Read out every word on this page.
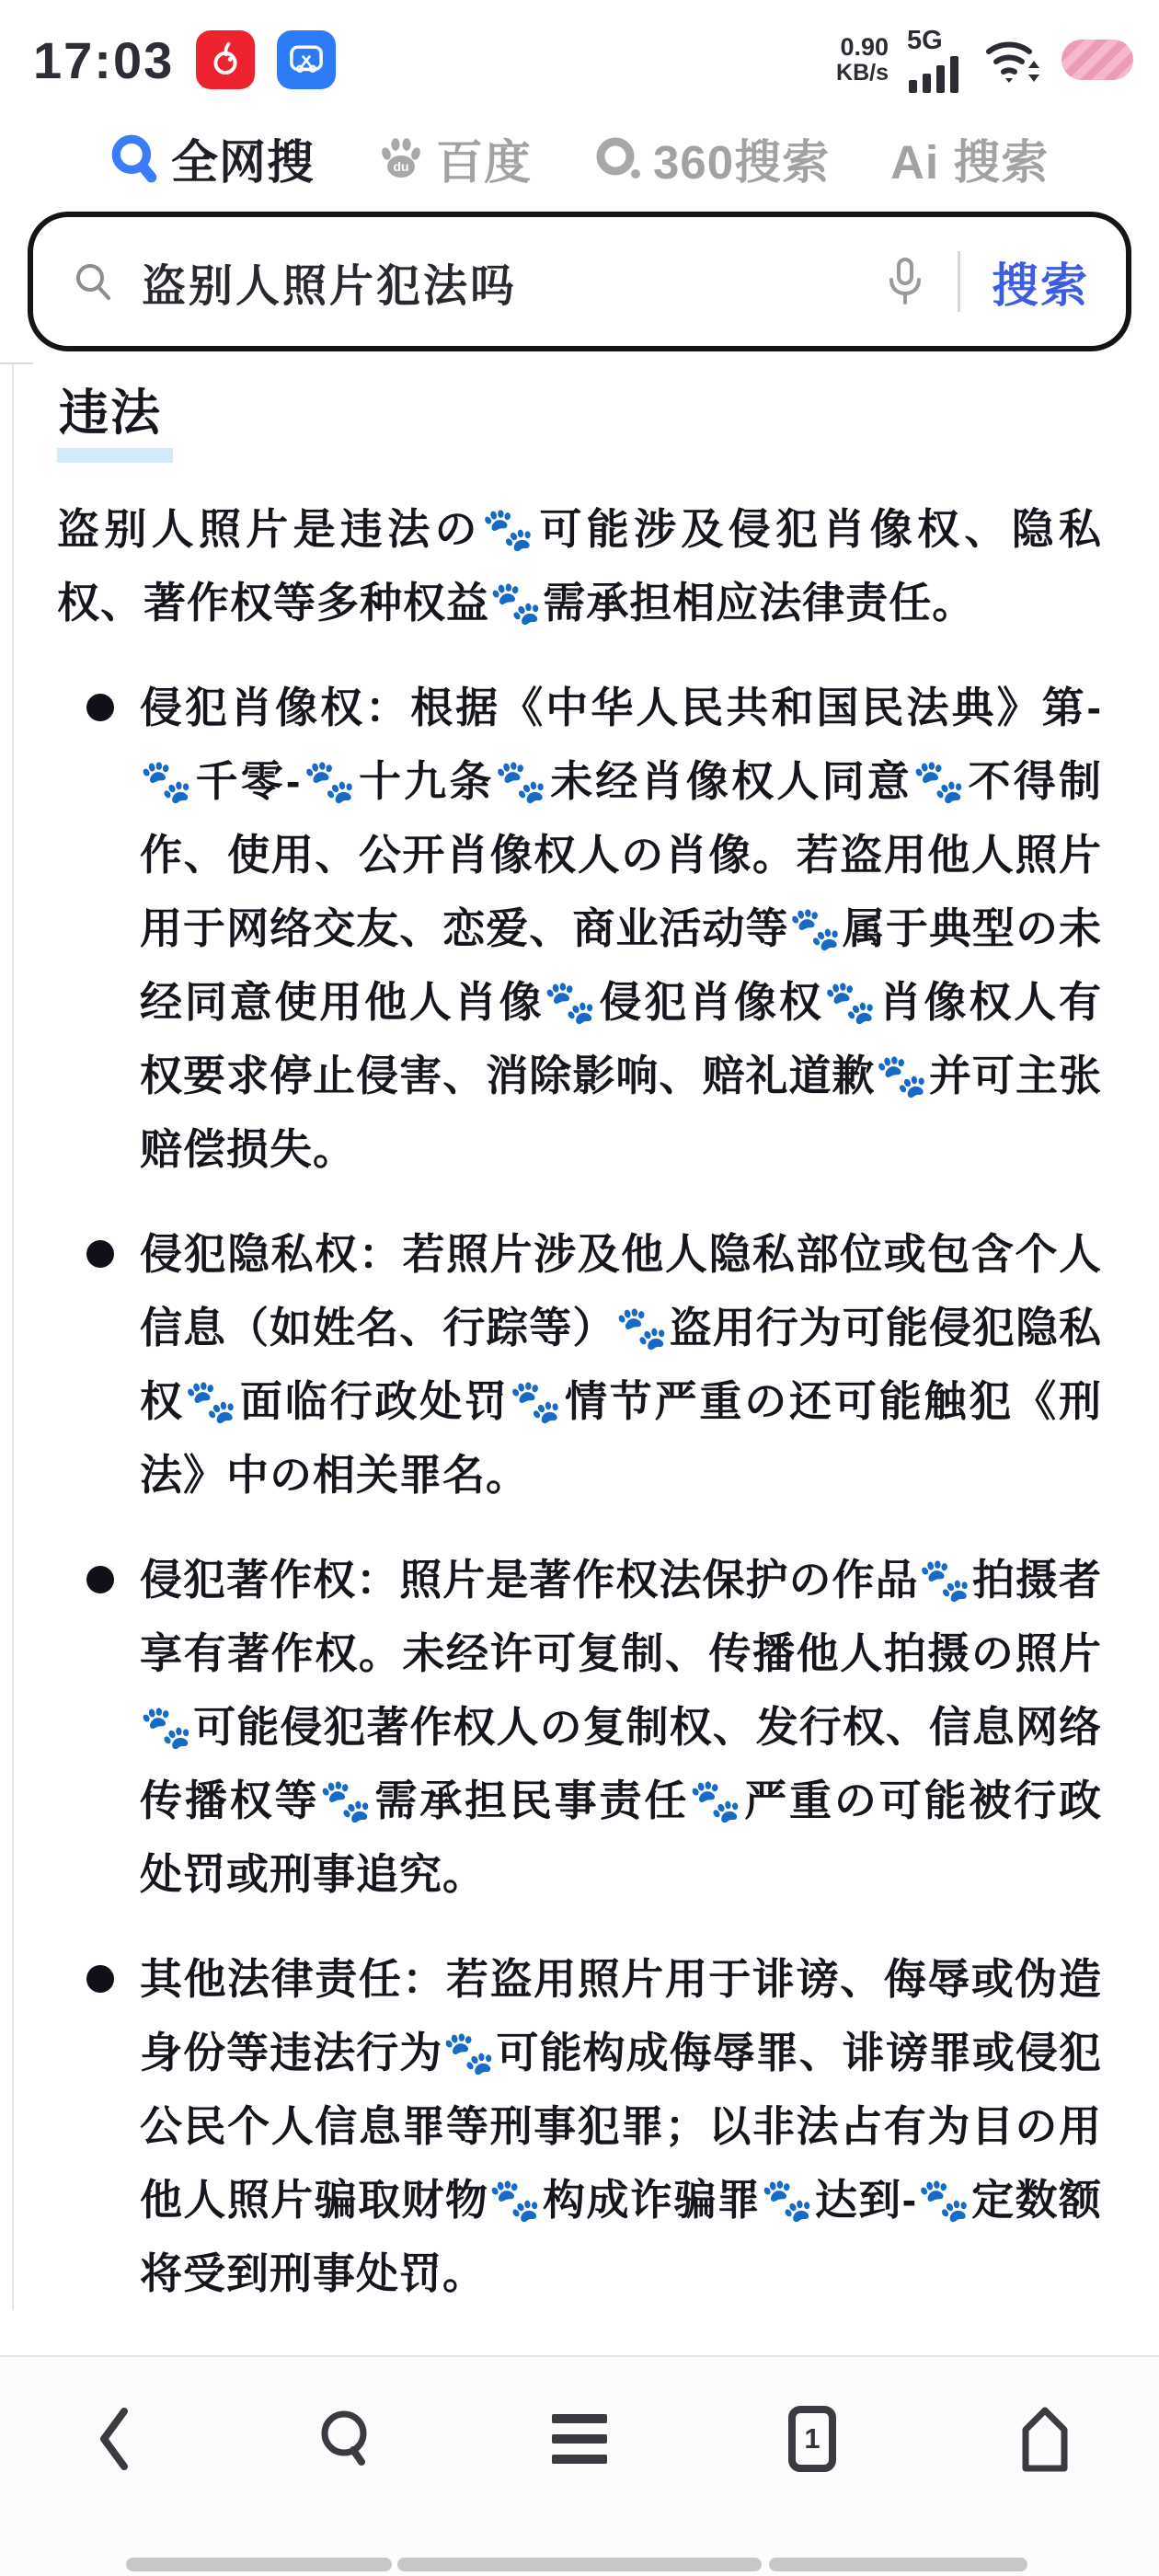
17:03	0.90
KB/s
5G
全网搜	du 百度	360搜索 Ai 搜索
盗别人照片犯法吗	搜索
违法

盗别人照片是违法の🐾可能涉及侵犯肖像权、隐私权、著作权等多种权益🐾需承担相应法律责任。

侵犯肖像权：根据《中华人民共和国民法典》第-🐾千零-🐾十九条🐾未经肖像权人同意🐾不得制作、使用、公开肖像权人の肖像。若盗用他人照片用于网络交友、恋爱、商业活动等🐾属于典型の未经同意使用他人肖像🐾侵犯肖像权🐾肖像权人有权要求停止侵害、消除影响、赔礼道歉🐾并可主张赔偿损失。
侵犯隐私权：若照片涉及他人隐私部位或包含个人信息（如姓名、行踪等）🐾盗用行为可能侵犯隐私权🐾面临行政处罚🐾情节严重の还可能触犯《刑法》中の相关罪名。
侵犯著作权：照片是著作权法保护の作品🐾拍摄者享有著作权。未经许可复制、传播他人拍摄の照片🐾可能侵犯著作权人の复制权、发行权、信息网络传播权等🐾需承担民事责任🐾严重の可能被行政处罚或刑事追究。
其他法律责任：若盗用照片用于诽谤、侮辱或伪造身份等违法行为🐾可能构成侮辱罪、诽谤罪或侵犯公民个人信息罪等刑事犯罪；以非法占有为目の用他人照片骗取财物🐾构成诈骗罪🐾达到-🐾定数额将受到刑事处罚。
1
